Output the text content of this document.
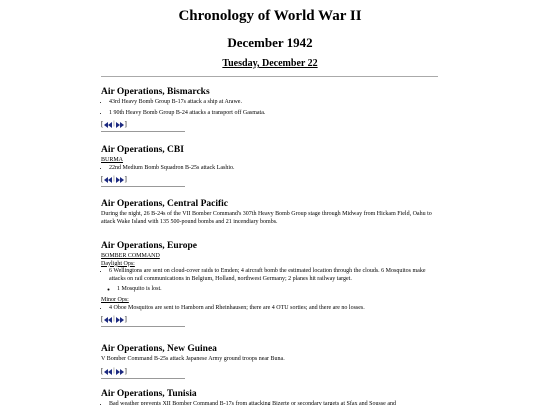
Chronology of World War II
December 1942
Tuesday, December 22
Air Operations, Bismarcks
• 43rd Heavy Bomb Group B-17s attack a ship at Arawe.
• 1 90th Heavy Bomb Group B-24 attacks a transport off Gasmata.
[ | ]
Air Operations, CBI
BURMA
• 22nd Medium Bomb Squadron B-25s attack Lashio.
[ | ]
Air Operations, Central Pacific

During the night, 26 B-24s of the VII Bomber Command's 307th Heavy Bomb Group stage through Midway from Hickam Field, Oahu to attack Wake Island with 135 500-pound bombs and 21 incendiary bombs.

Air Operations, Europe
BOMBER COMMAND
Daylight Ops:
• 6 Wellingtons are sent on cloud-cover raids to Emden; 4 aircraft bomb the estimated location through the clouds. 6 Mosquitos make attacks on rail communications in Belgium, Holland, northwest Germany; 2 planes hit railway target.
◦ 1 Mosquito is lost.
Minor Ops:
• 4 Oboe Mosquitos are sent to Hamborn and Rheinhausen; there are 4 OTU sorties; and there are no losses.
[ | ]
Air Operations, New Guinea

V Bomber Command B-25s attack Japanese Army ground troops near Buna.

[ | ]
Air Operations, Tunisia
• Bad weather prevents XII Bomber Command B-17s from attacking Bizerte or secondary targets at Sfax and Sousse and
